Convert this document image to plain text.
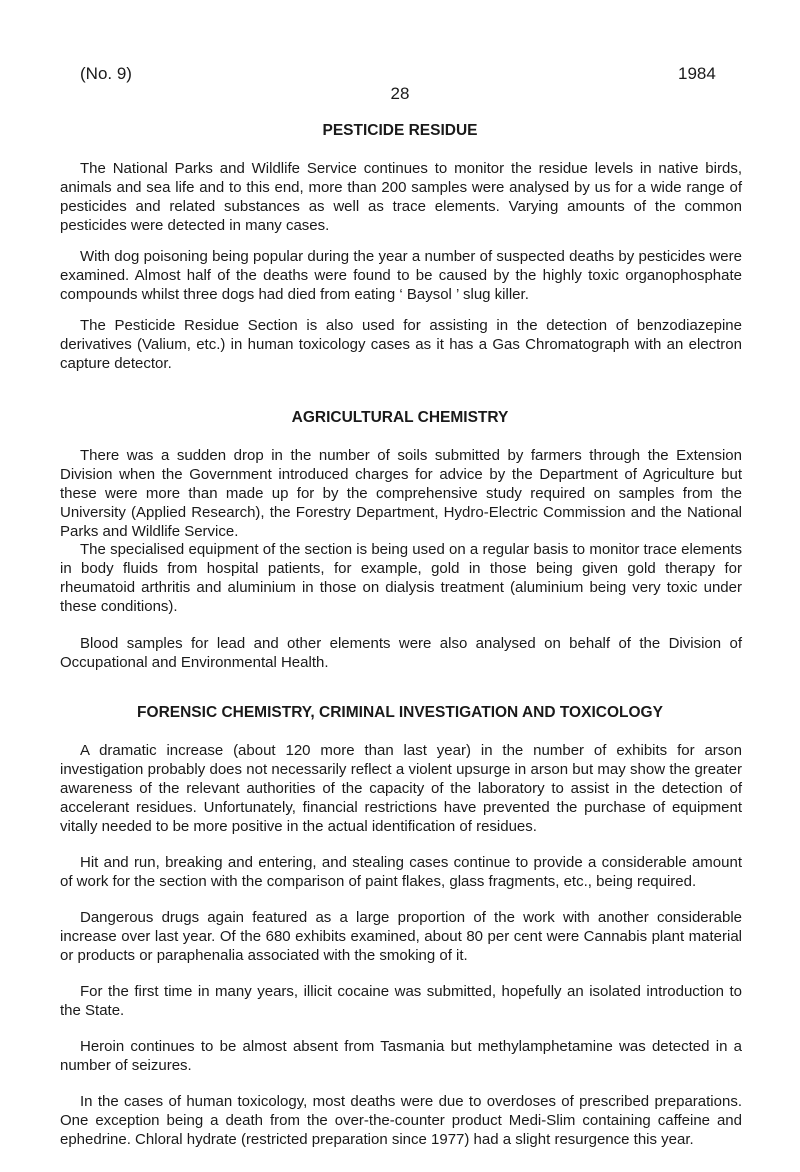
(No. 9)	1984
28
PESTICIDE RESIDUE

The National Parks and Wildlife Service continues to monitor the residue levels in native birds, animals and sea life and to this end, more than 200 samples were analysed by us for a wide range of pesticides and related substances as well as trace elements. Varying amounts of the common pesticides were detected in many cases.

With dog poisoning being popular during the year a number of suspected deaths by pesticides were examined. Almost half of the deaths were found to be caused by the highly toxic organophosphate compounds whilst three dogs had died from eating ‘ Baysol ’ slug killer.

The Pesticide Residue Section is also used for assisting in the detection of benzodiazepine derivatives (Valium, etc.) in human toxicology cases as it has a Gas Chromatograph with an electron capture detector.

AGRICULTURAL CHEMISTRY

There was a sudden drop in the number of soils submitted by farmers through the Extension Division when the Government introduced charges for advice by the Department of Agriculture but these were more than made up for by the comprehensive study required on samples from the University (Applied Research), the Forestry Department, Hydro-Electric Commission and the National Parks and Wildlife Service.

The specialised equipment of the section is being used on a regular basis to monitor trace elements in body fluids from hospital patients, for example, gold in those being given gold therapy for rheumatoid arthritis and aluminium in those on dialysis treatment (aluminium being very toxic under these conditions).

Blood samples for lead and other elements were also analysed on behalf of the Division of Occupational and Environmental Health.

FORENSIC CHEMISTRY, CRIMINAL INVESTIGATION AND TOXICOLOGY

A dramatic increase (about 120 more than last year) in the number of exhibits for arson investigation probably does not necessarily reflect a violent upsurge in arson but may show the greater awareness of the relevant authorities of the capacity of the laboratory to assist in the detection of accelerant residues. Unfortunately, financial restrictions have prevented the purchase of equipment vitally needed to be more positive in the actual identification of residues.

Hit and run, breaking and entering, and stealing cases continue to provide a considerable amount of work for the section with the comparison of paint flakes, glass fragments, etc., being required.

Dangerous drugs again featured as a large proportion of the work with another considerable increase over last year. Of the 680 exhibits examined, about 80 per cent were Cannabis plant material or products or paraphenalia associated with the smoking of it.

For the first time in many years, illicit cocaine was submitted, hopefully an isolated introduction to the State.

Heroin continues to be almost absent from Tasmania but methylamphetamine was detected in a number of seizures.

In the cases of human toxicology, most deaths were due to overdoses of prescribed preparations. One exception being a death from the over-the-counter product Medi-Slim containing caffeine and ephedrine. Chloral hydrate (restricted preparation since 1977) had a slight resurgence this year.
